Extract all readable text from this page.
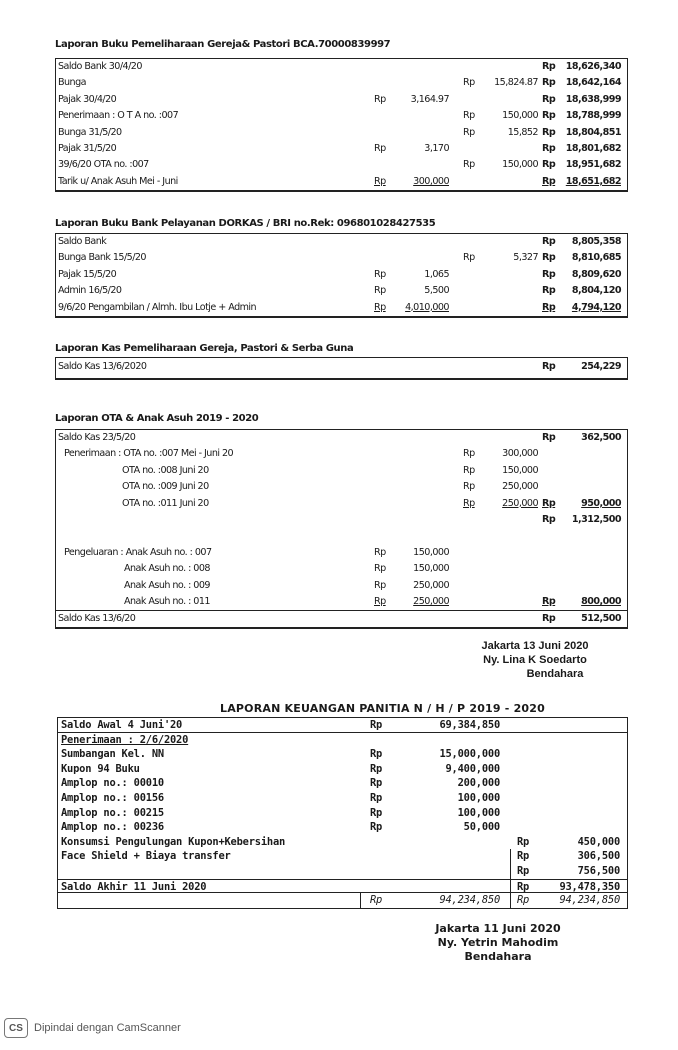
Laporan Buku Pemeliharaan Gereja& Pastori BCA.70000839997
Saldo Bank 30/4/20	Rp 18,626,340
Bunga	Rp 15,824.87 Rp 18,642,164
Pajak 30/4/20	Rp	3,164.97	Rp 18,638,999
Penerimaan : O T A no. :007	Rp	150,000 Rp 18,788,999
Bunga 31/5/20	Rp	15,852 Rp 18,804,851
Pajak 31/5/20	Rp	3,170	Rp 18,801,682
39/6/20 OTA no. :007	Rp	150,000 Rp 18,951,682
Tarik u/ Anak Asuh Mei - Juni	Rp	300,000	Rp 18,651,682
Laporan Buku Bank Pelayanan DORKAS / BRI no.Rek: 096801028427535
Saldo Bank	Rp 8,805,358
Bunga Bank 15/5/20	Rp	5,327 Rp 8,810,685
Pajak 15/5/20	Rp	1,065	Rp 8,809,620
Admin 16/5/20	Rp	5,500	Rp 8,804,120
9/6/20 Pengambilan / Almh. Ibu Lotje + Admin	Rp 4,010,000	Rp 4,794,120
Laporan Kas Pemeliharaan Gereja, Pastori & Serba Guna
Saldo Kas 13/6/2020	Rp	254,229
Laporan OTA & Anak Asuh 2019 - 2020
Saldo Kas 23/5/20	Rp	362,500
Penerimaan : OTA no. :007 Mei - Juni 20	Rp	300,000
OTA no. :008 Juni 20	Rp	150,000
OTA no. :009 Juni 20	Rp	250,000
OTA no. :011 Juni 20	Rp	250,000 Rp	950,000
Rp 1,312,500
Pengeluaran : Anak Asuh no. : 007	Rp	150,000
Anak Asuh no. : 008	Rp	150,000
Anak Asuh no. : 009	Rp	250,000
Anak Asuh no. : 011	Rp	250,000	Rp	800,000
Saldo Kas 13/6/20	Rp	512,500
Jakarta 13 Juni 2020
Ny. Lina K Soedarto
Bendahara
LAPORAN KEUANGAN PANITIA N / H / P 2019 - 2020
Saldo Awal 4 Juni'20	Rp	69,384,850
Penerimaan : 2/6/2020
Sumbangan Kel. NN	Rp	15,000,000
Kupon 94 Buku	Rp	9,400,000
Amplop no.: 00010	Rp	200,000
Amplop no.: 00156	Rp	100,000
Amplop no.: 00215	Rp	100,000
Amplop no.: 00236	Rp	50,000
Konsumsi Pengulungan Kupon+Kebersihan	Rp	450,000
Face Shield + Biaya transfer	Rp	306,500
Rp	756,500
Saldo Akhir 11 Juni 2020	Rp	93,478,350
Rp	94,234,850 Rp	94,234,850
Jakarta 11 Juni 2020
Ny. Yetrin Mahodim
Bendahara
CS	Dipindai dengan CamScanner
